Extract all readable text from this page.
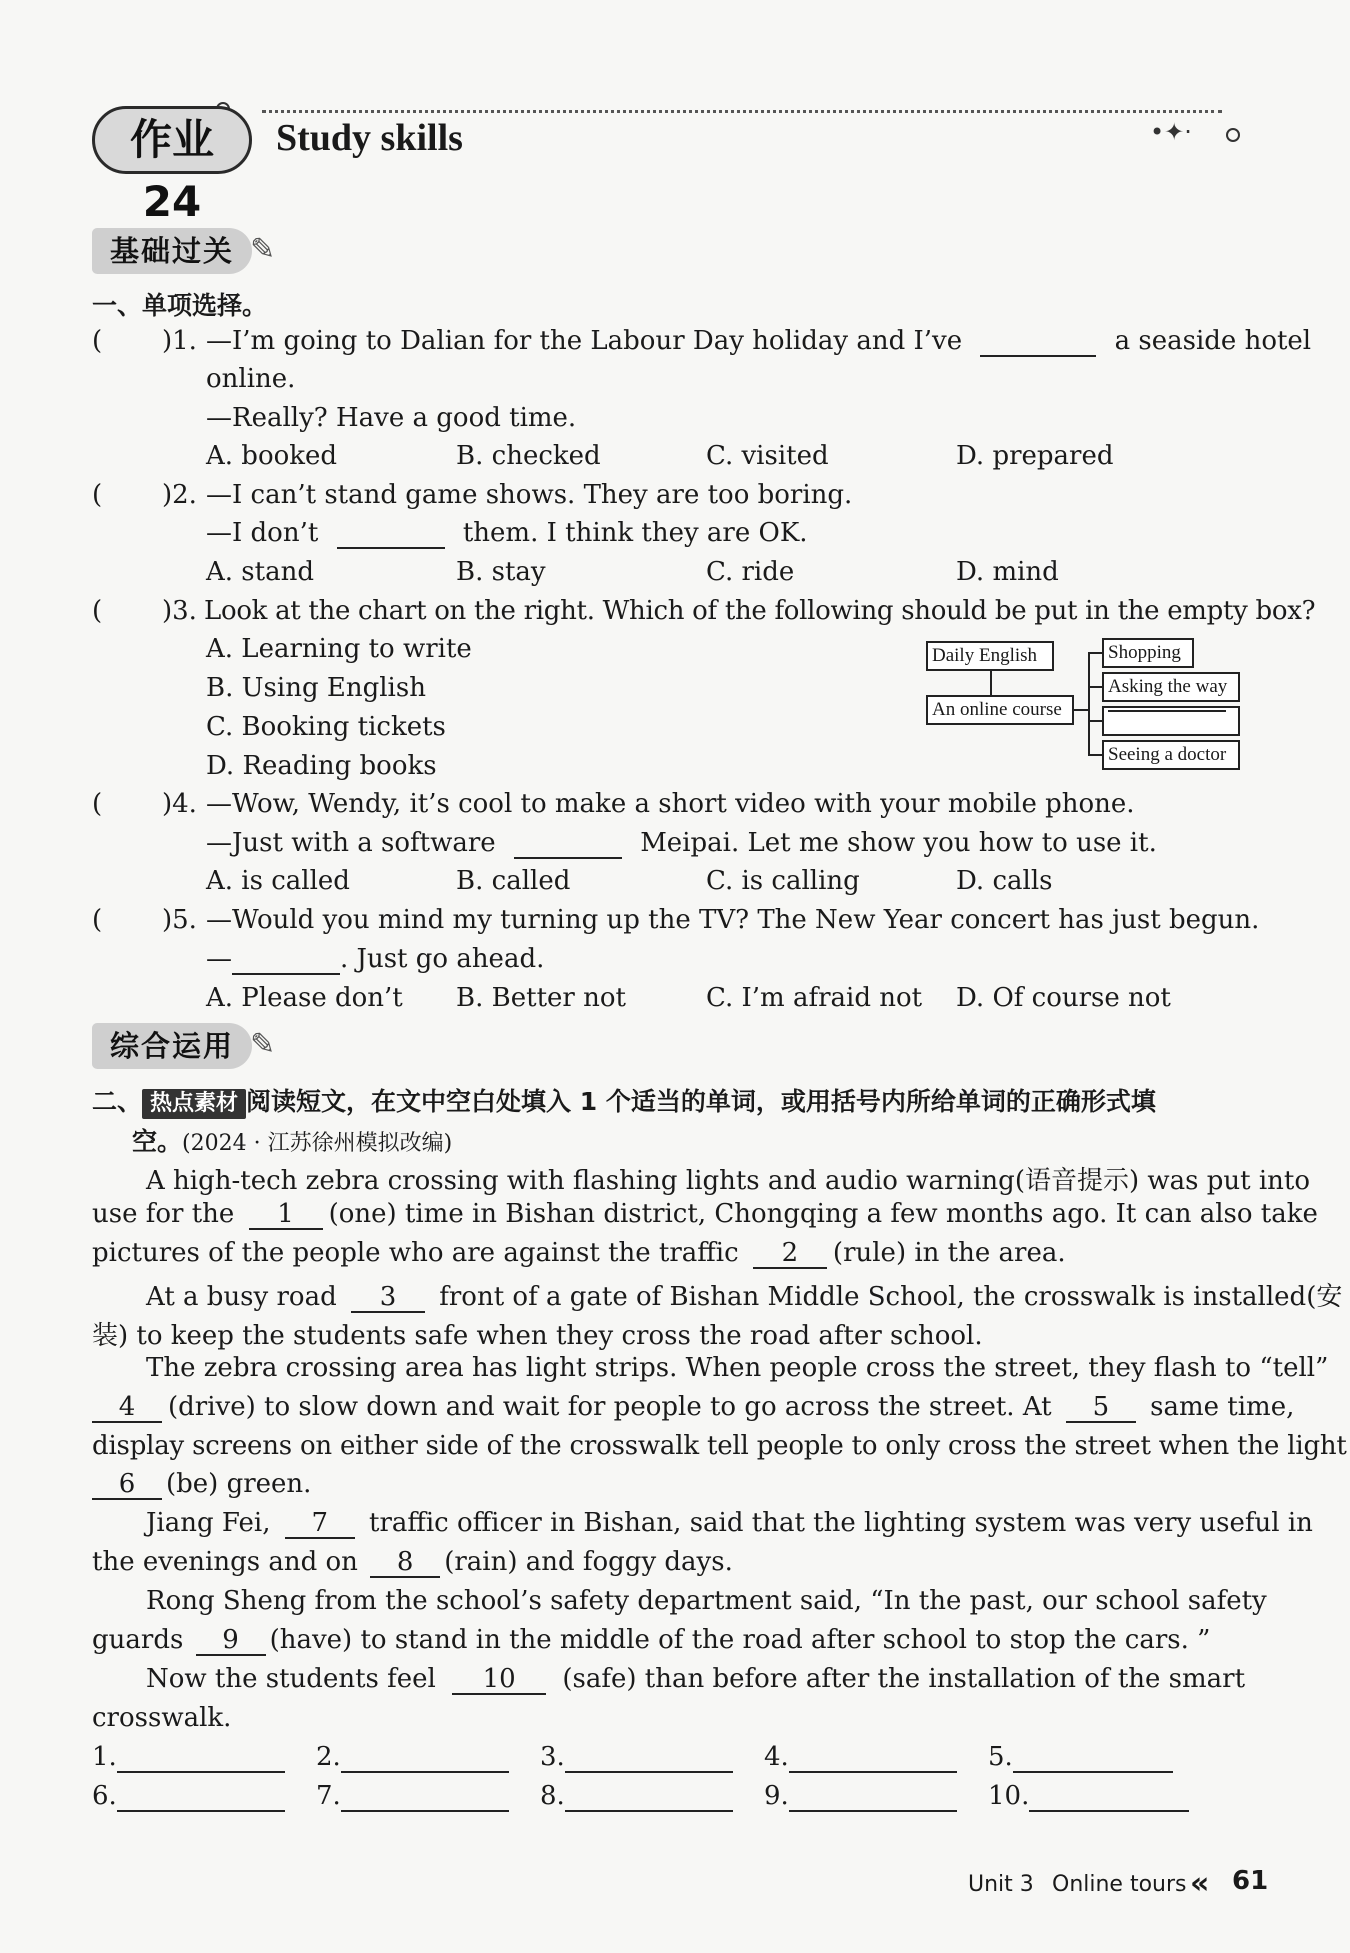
•✦·
作业 24
Study skills
基础过关 ✎
一、单项选择。
( )1. —I’m going to Dalian for the Labour Day holiday and I’ve	a seaside hotel
online.
—Really? Have a good time.
A. booked	B. checked	C. visited	D. prepared
( )2. —I can’t stand game shows. They are too boring.
—I don’t	them. I think they are OK.
A. stand	B. stay	C. ride	D. mind
( )3. Look at the chart on the right. Which of the following should be put in the empty box?
A. Learning to write
B. Using English
C. Booking tickets
D. Reading books
Daily English
An online course
Shopping
Asking the way
Seeing a doctor
( )4. —Wow, Wendy, it’s cool to make a short video with your mobile phone.
—Just with a software	Meipai. Let me show you how to use it.
A. is called	B. called	C. is calling	D. calls
( )5. —Would you mind my turning up the TV? The New Year concert has just begun.
—	. Just go ahead.
A. Please don’t B. Better not	C. I’m afraid not D. Of course not
综合运用 ✎
二、 热点素材 阅读短文，在文中空白处填入 1 个适当的单词，或用括号内所给单词的正确形式填
空。(2024 · 江苏徐州模拟改编)
A high-tech zebra crossing with flashing lights and audio warning(语音提示) was put into
use for the 1 (one) time in Bishan district, Chongqing a few months ago. It can also take
pictures of the people who are against the traffic 2 (rule) in the area.
At a busy road 3 front of a gate of Bishan Middle School, the crosswalk is installed(安
装) to keep the students safe when they cross the road after school.
The zebra crossing area has light strips. When people cross the street, they flash to “tell”
4 (drive) to slow down and wait for people to go across the street. At 5 same time,
display screens on either side of the crosswalk tell people to only cross the street when the light
6 (be) green.
Jiang Fei, 7 traffic officer in Bishan, said that the lighting system was very useful in
the evenings and on 8 (rain) and foggy days.
Rong Sheng from the school’s safety department said, “In the past, our school safety
guards 9 (have) to stand in the middle of the road after school to stop the cars. ”
Now the students feel 10 (safe) than before after the installation of the smart
crosswalk.
1.	2.	3.	4.	5.
6.	7.	8.	9.	10.
Unit 3 Online tours « 61
